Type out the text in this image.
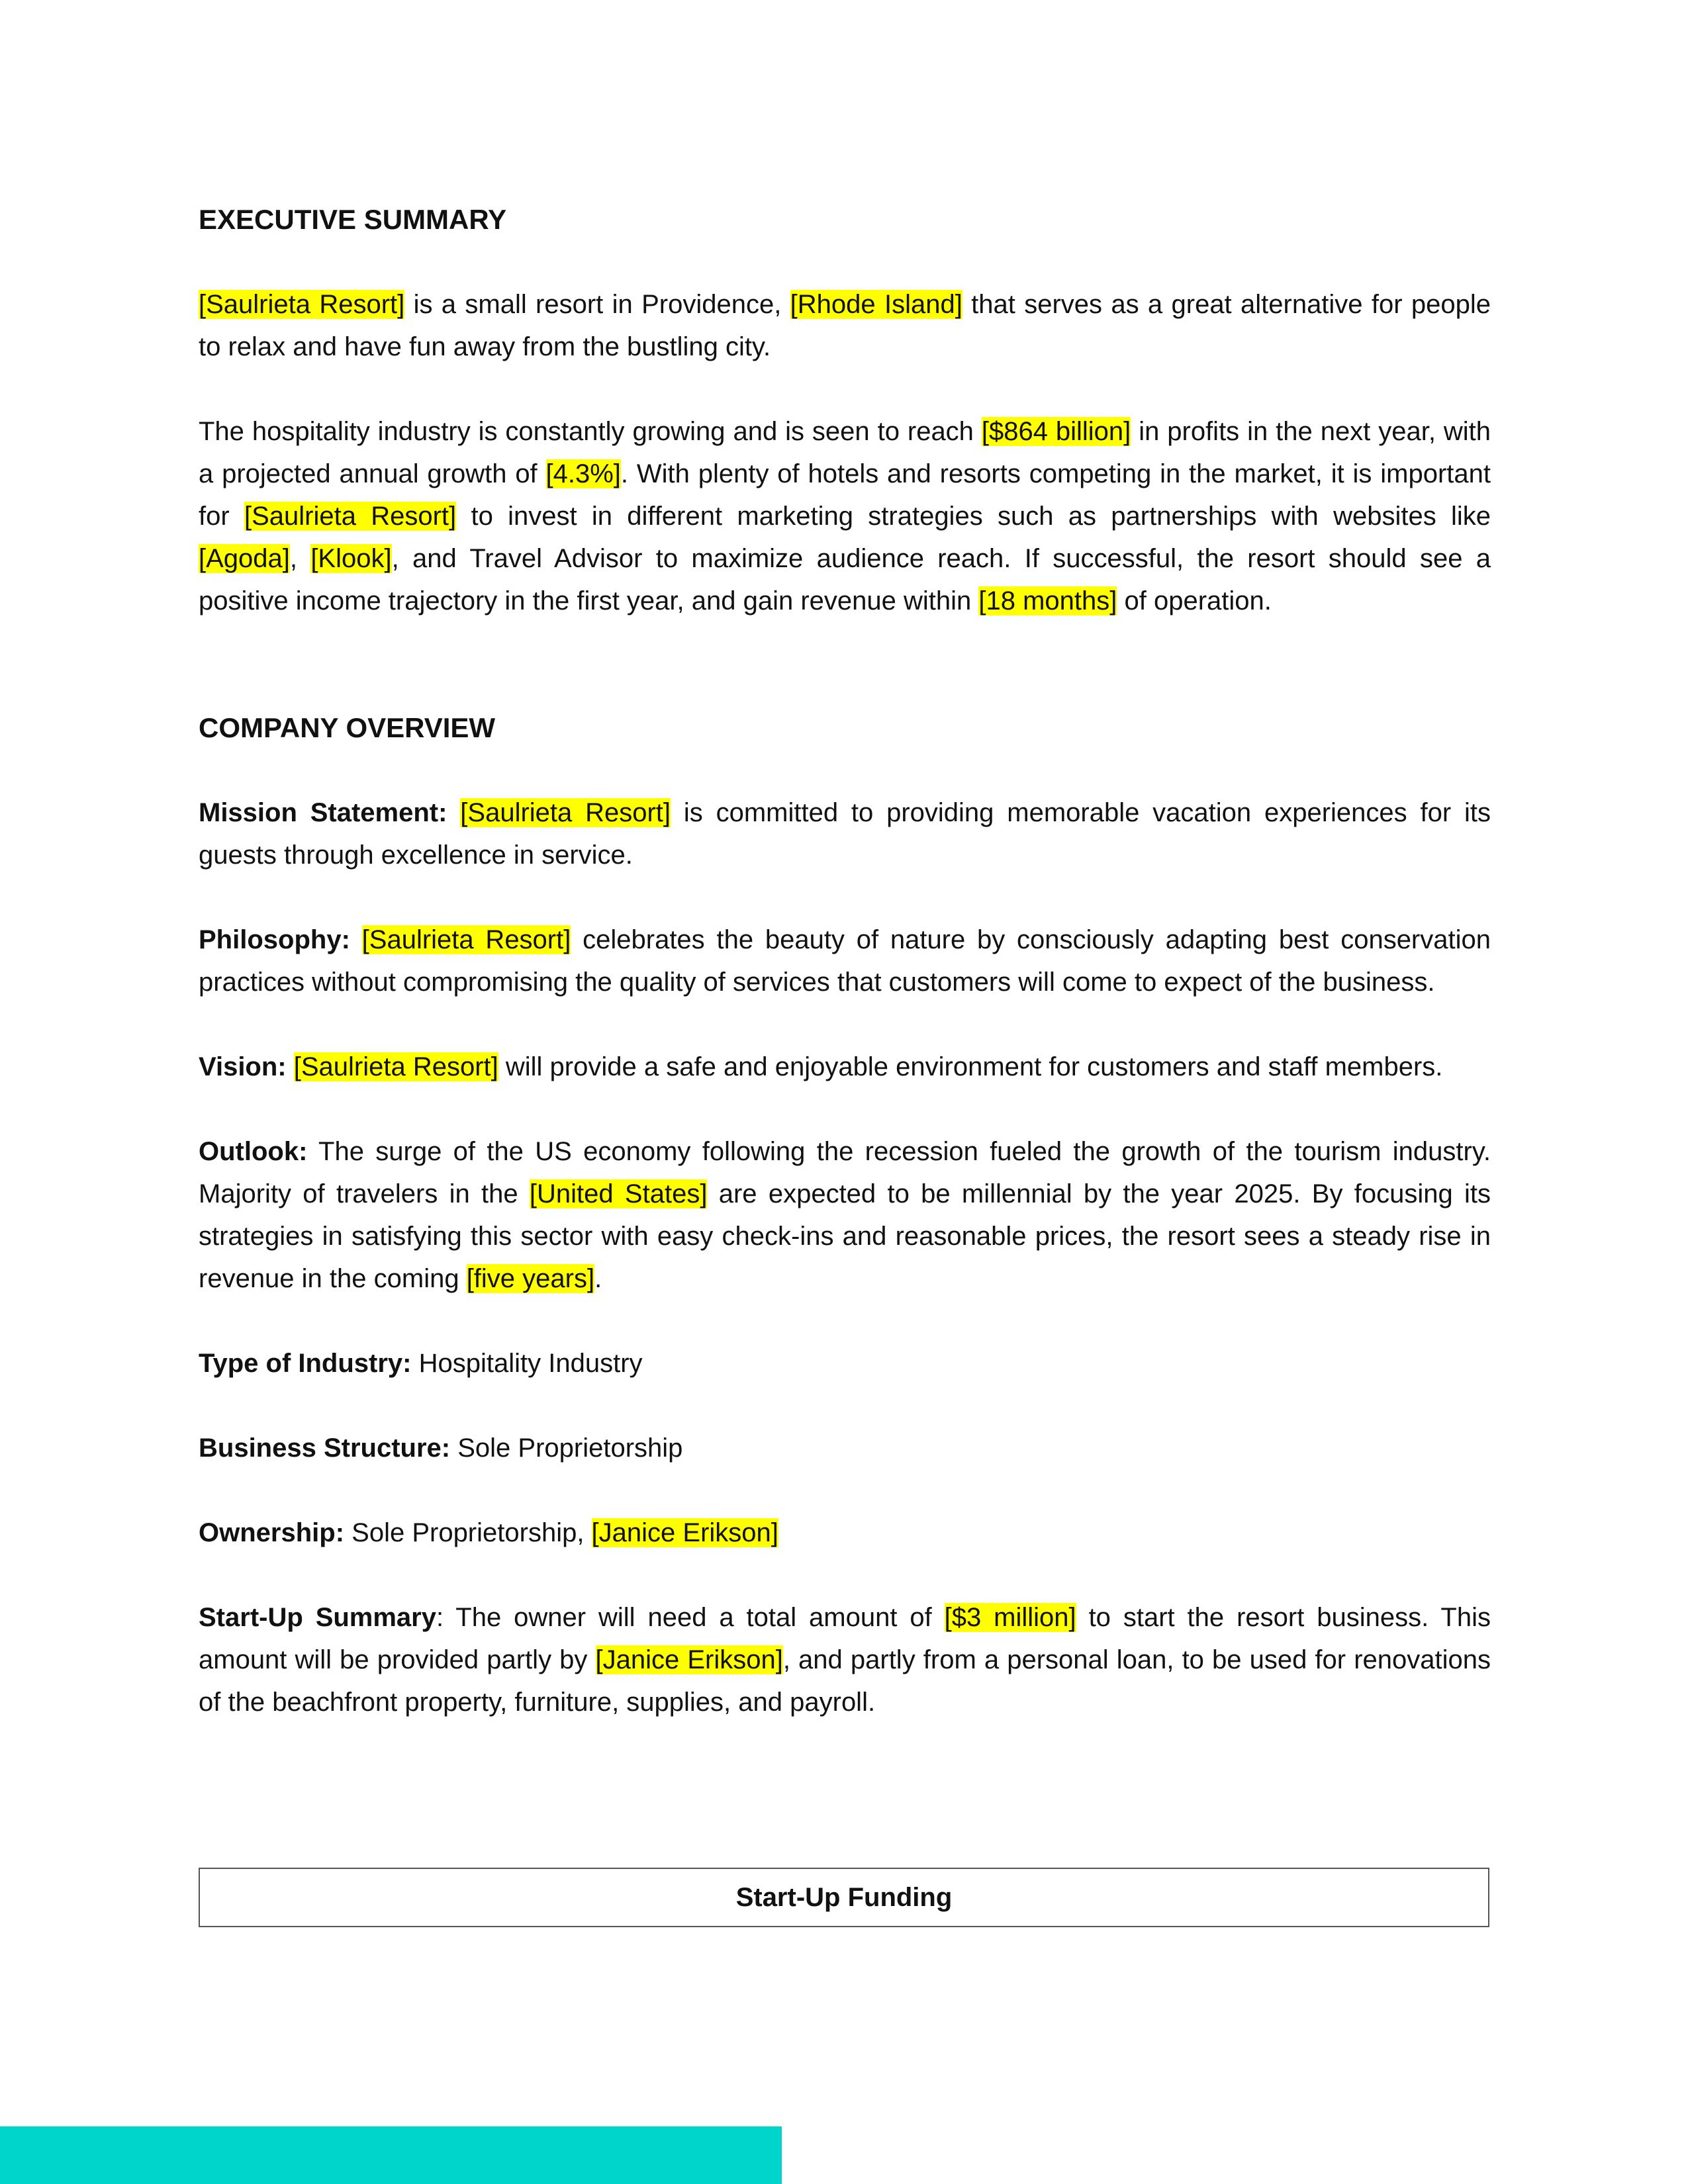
EXECUTIVE SUMMARY

[Saulrieta Resort] is a small resort in Providence, [Rhode Island] that serves as a great alternative for people to relax and have fun away from the bustling city.

The hospitality industry is constantly growing and is seen to reach [$864 billion] in profits in the next year, with a projected annual growth of [4.3%]. With plenty of hotels and resorts competing in the market, it is important for [Saulrieta Resort] to invest in different marketing strategies such as partnerships with websites like [Agoda], [Klook], and Travel Advisor to maximize audience reach. If successful, the resort should see a positive income trajectory in the first year, and gain revenue within [18 months] of operation.

COMPANY OVERVIEW

Mission Statement: [Saulrieta Resort] is committed to providing memorable vacation experiences for its guests through excellence in service.

Philosophy: [Saulrieta Resort] celebrates the beauty of nature by consciously adapting best conservation practices without compromising the quality of services that customers will come to expect of the business.

Vision: [Saulrieta Resort] will provide a safe and enjoyable environment for customers and staff members.

Outlook: The surge of the US economy following the recession fueled the growth of the tourism industry. Majority of travelers in the [United States] are expected to be millennial by the year 2025. By focusing its strategies in satisfying this sector with easy check-ins and reasonable prices, the resort sees a steady rise in revenue in the coming [five years].

Type of Industry: Hospitality Industry

Business Structure: Sole Proprietorship

Ownership: Sole Proprietorship, [Janice Erikson]

Start-Up Summary: The owner will need a total amount of [$3 million] to start the resort business. This amount will be provided partly by [Janice Erikson], and partly from a personal loan, to be used for renovations of the beachfront property, furniture, supplies, and payroll.

Start-Up Funding
